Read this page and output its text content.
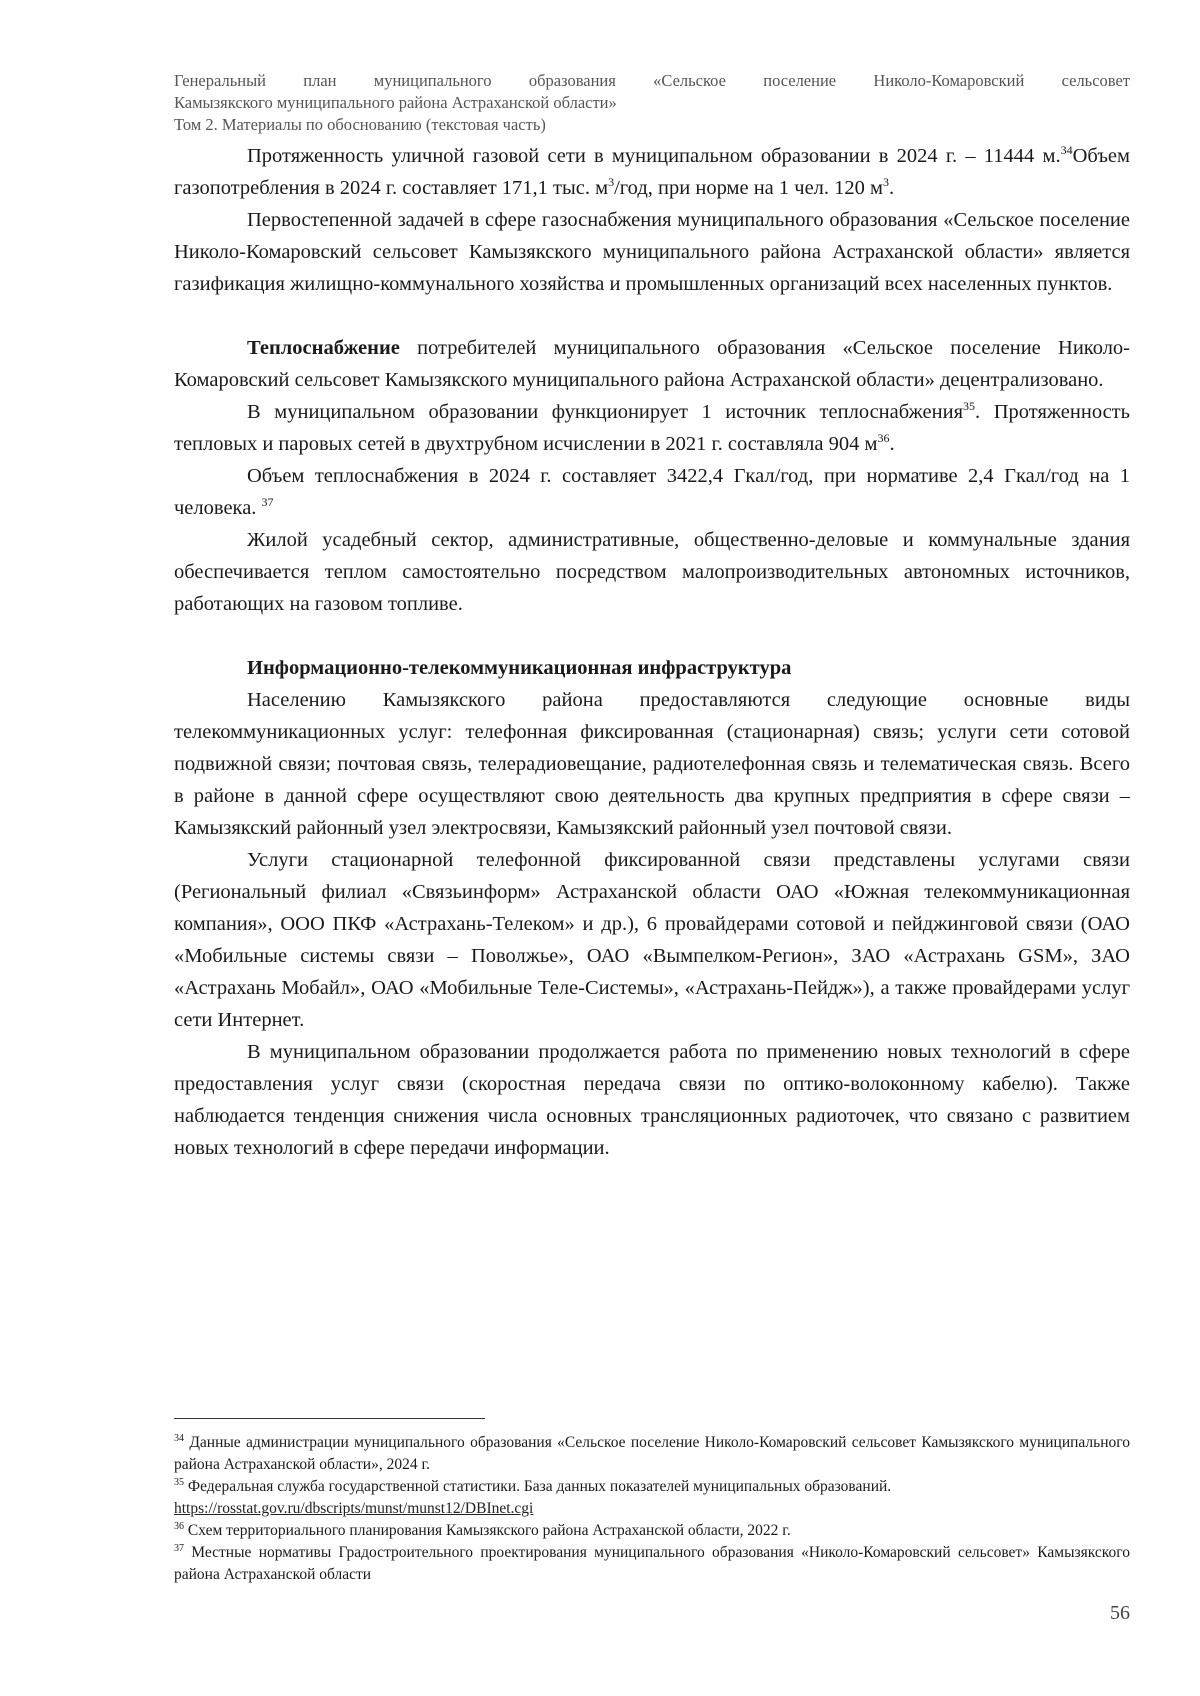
Генеральный план муниципального образования «Сельское поселение Николо-Комаровский сельсовет
Камызякского муниципального района Астраханской области»
Том 2. Материалы по обоснованию (текстовая часть)

Протяженность уличной газовой сети в муниципальном образовании в 2024 г. – 11444 м.$^{34}$Объем газопотребления в 2024 г. составляет 171,1 тыс. $м^3$/год, при норме на 1 чел. 120 $м^3$.

Первостепенной задачей в сфере газоснабжения муниципального образования «Сельское поселение Николо-Комаровский сельсовет Камызякского муниципального района Астраханской области» является газификация жилищно-коммунального хозяйства и промышленных организаций всех населенных пунктов.

Теплоснабжение потребителей муниципального образования «Сельское поселение Николо-Комаровский сельсовет Камызякского муниципального района Астраханской области» децентрализовано.

В муниципальном образовании функционирует 1 источник теплоснабжения$^{35}$. Протяженность тепловых и паровых сетей в двухтрубном исчислении в 2021 г. составляла 904 $м^{36}$.

Объем теплоснабжения в 2024 г. составляет 3422,4 Гкал/год, при нормативе 2,4 Гкал/год на 1 человека. $^{37}$

Жилой усадебный сектор, административные, общественно-деловые и коммунальные здания обеспечивается теплом самостоятельно посредством малопроизводительных автономных источников, работающих на газовом топливе.

Информационно-телекоммуникационная инфраструктура

Населению Камызякского района предоставляются следующие основные виды телекоммуникационных услуг: телефонная фиксированная (стационарная) связь; услуги сети сотовой подвижной связи; почтовая связь, телерадиовещание, радиотелефонная связь и телематическая связь. Всего в районе в данной сфере осуществляют свою деятельность два крупных предприятия в сфере связи – Камызякский районный узел электросвязи, Камызякский районный узел почтовой связи.

Услуги стационарной телефонной фиксированной связи представлены услугами связи (Региональный филиал «Связьинформ» Астраханской области ОАО «Южная телекоммуникационная компания», ООО ПКФ «Астрахань-Телеком» и др.), 6 провайдерами сотовой и пейджинговой связи (ОАО «Мобильные системы связи – Поволжье», ОАО «Вымпелком-Регион», ЗАО «Астрахань GSM», ЗАО «Астрахань Мобайл», ОАО «Мобильные Теле-Системы», «Астрахань-Пейдж»), а также провайдерами услуг сети Интернет.

В муниципальном образовании продолжается работа по применению новых технологий в сфере предоставления услуг связи (скоростная передача связи по оптико-волоконному кабелю). Также наблюдается тенденция снижения числа основных трансляционных радиоточек, что связано с развитием новых технологий в сфере передачи информации.

$^{34}$ Данные администрации муниципального образования «Сельское поселение Николо-Комаровский сельсовет Камызякского муниципального района Астраханской области», 2024 г.
$^{35}$ Федеральная служба государственной статистики. База данных показателей муниципальных образований.
https://rosstat.gov.ru/dbscripts/munst/munst12/DBInet.cgi
$^{36}$ Схем территориального планирования Камызякского района Астраханской области, 2022 г.
$^{37}$ Местные нормативы Градостроительного проектирования муниципального образования «Николо-Комаровский сельсовет» Камызякского района Астраханской области
56
